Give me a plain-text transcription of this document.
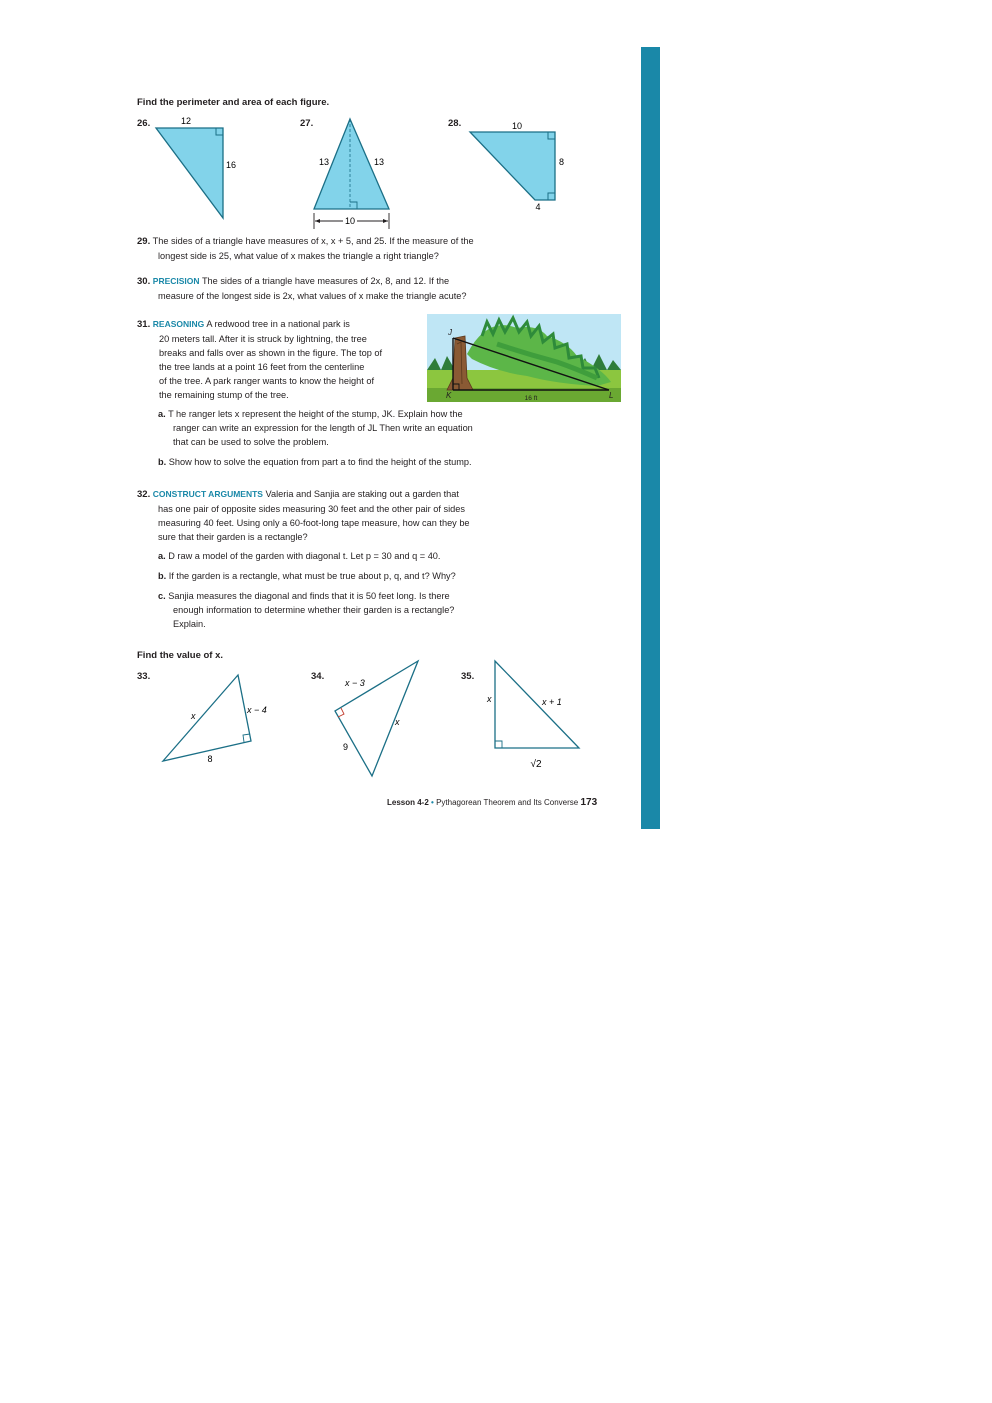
Find the perimeter and area of each figure.
26.	12
16
27.
13	13
10
28.	10
8
4
29. The sides of a triangle have measures of x, x + 5, and 25. If the measure of the
longest side is 25, what value of x makes the triangle a right triangle?
30. PRECISION The sides of a triangle have measures of 2x, 8, and 12. If the
measure of the longest side is 2x, what values of x make the triangle acute?
31. REASONING A redwood tree in a national park is

20 meters tall. After it is struck by lightning, the tree
breaks and falls over as shown in the figure. The top of
the tree lands at a point 16 feet from the centerline
of the tree. A park ranger wants to know the height of
the remaining stump of the tree.
J
K	L
16 ft
a. T he ranger lets x represent the height of the stump, JK. Explain how the
ranger can write an expression for the length of JL Then write an equation
that can be used to solve the problem.
b. Show how to solve the equation from part a to find the height of the stump.
32. CONSTRUCT ARGUMENTS Valeria and Sanjia are staking out a garden that
has one pair of opposite sides measuring 30 feet and the other pair of sides
measuring 40 feet. Using only a 60-foot-long tape measure, how can they be
sure that their garden is a rectangle?
a. D raw a model of the garden with diagonal t. Let p = 30 and q = 40.
b. If the garden is a rectangle, what must be true about p, q, and t? Why?
c. Sanjia measures the diagonal and finds that it is 50 feet long. Is there
enough information to determine whether their garden is a rectangle?
Explain.
Find the value of x.
33.
x
x − 4
8
34.
x − 3
x
9
35.
x	x + 1
√2
Lesson 4-2 • Pythagorean Theorem and Its Converse 173
